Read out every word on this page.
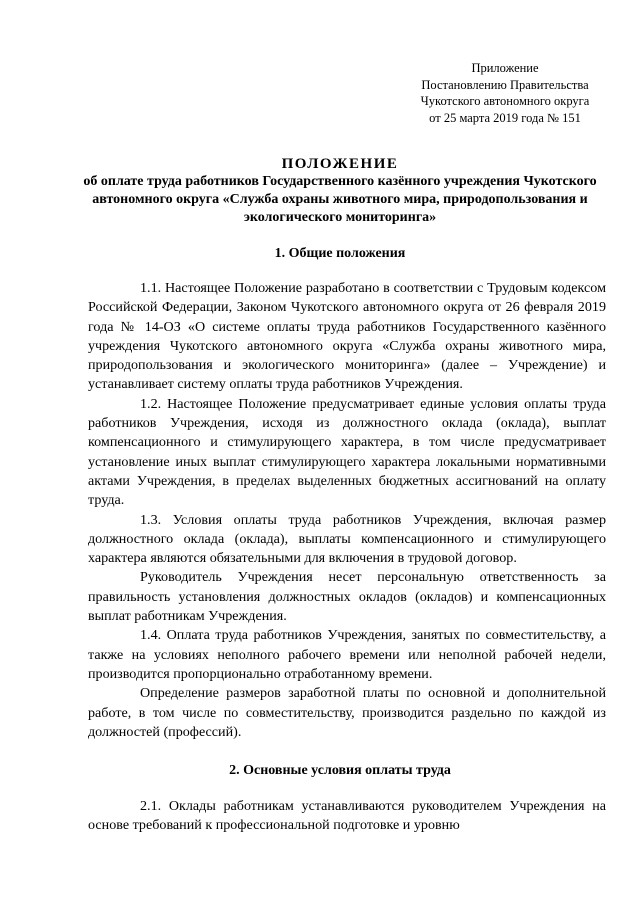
Приложение
Постановлению Правительства
Чукотского автономного округа
от 25 марта 2019 года № 151
ПОЛОЖЕНИЕ
об оплате труда работников Государственного казённого учреждения Чукотского автономного округа «Служба охраны животного мира, природопользования и экологического мониторинга»
1. Общие положения

1.1. Настоящее Положение разработано в соответствии с Трудовым кодексом Российской Федерации, Законом Чукотского автономного округа от 26 февраля 2019 года № 14-ОЗ «О системе оплаты труда работников Государственного казённого учреждения Чукотского автономного округа «Служба охраны животного мира, природопользования и экологического мониторинга» (далее – Учреждение) и устанавливает систему оплаты труда работников Учреждения.

1.2. Настоящее Положение предусматривает единые условия оплаты труда работников Учреждения, исходя из должностного оклада (оклада), выплат компенсационного и стимулирующего характера, в том числе предусматривает установление иных выплат стимулирующего характера локальными нормативными актами Учреждения, в пределах выделенных бюджетных ассигнований на оплату труда.

1.3. Условия оплаты труда работников Учреждения, включая размер должностного оклада (оклада), выплаты компенсационного и стимулирующего характера являются обязательными для включения в трудовой договор.

Руководитель Учреждения несет персональную ответственность за правильность установления должностных окладов (окладов) и компенсационных выплат работникам Учреждения.

1.4. Оплата труда работников Учреждения, занятых по совместительству, а также на условиях неполного рабочего времени или неполной рабочей недели, производится пропорционально отработанному времени.

Определение размеров заработной платы по основной и дополнительной работе, в том числе по совместительству, производится раздельно по каждой из должностей (профессий).

2. Основные условия оплаты труда

2.1. Оклады работникам устанавливаются руководителем Учреждения на основе требований к профессиональной подготовке и уровню
